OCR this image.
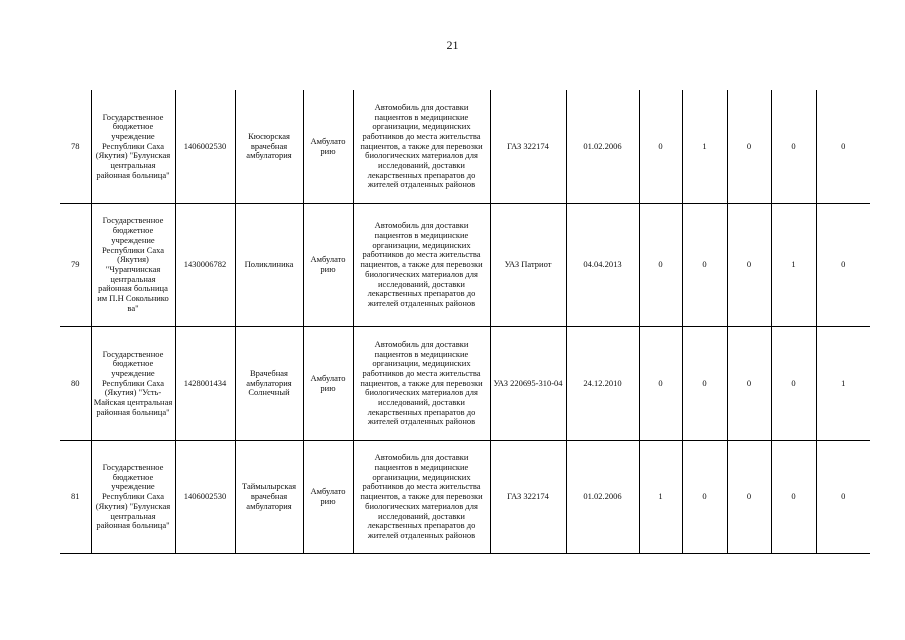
21
78	Государственное бюджетное учреждение Республики Саха (Якутия) "Булунская центральная районная больница"	1406002530	Кюсюрская врачебная амбулатория	Амбулато рию	Автомобиль для доставки пациентов в медицинские организации, медицинских работников до места жительства пациентов, а также для перевозки биологических материалов для исследований, доставки лекарственных препаратов до жителей отдаленных районов	ГАЗ 322174	01.02.2006	0	1	0	0	0
79	Государственное бюджетное учреждение Республики Саха (Якутия) "Чурапчинская центральная районная больница им П.Н Сокольнико ва"	1430006782	Поликлиника	Амбулато рию	Автомобиль для доставки пациентов в медицинские организации, медицинских работников до места жительства пациентов, а также для перевозки биологических материалов для исследований, доставки лекарственных препаратов до жителей отдаленных районов	УАЗ Патриот	04.04.2013	0	0	0	1	0
80	Государственное бюджетное учреждение Республики Саха (Якутия) "Усть-Майская центральная районная больница"	1428001434	Врачебная амбулатория Солнечный	Амбулато рию	Автомобиль для доставки пациентов в медицинские организации, медицинских работников до места жительства пациентов, а также для перевозки биологических материалов для исследований, доставки лекарственных препаратов до жителей отдаленных районов	УАЗ 220695-310-04	24.12.2010	0	0	0	0	1
81	Государственное бюджетное учреждение Республики Саха (Якутия) "Булунская центральная районная больница"	1406002530	Таймылырская врачебная амбулатория	Амбулато рию	Автомобиль для доставки пациентов в медицинские организации, медицинских работников до места жительства пациентов, а также для перевозки биологических материалов для исследований, доставки лекарственных препаратов до жителей отдаленных районов	ГАЗ 322174	01.02.2006	1	0	0	0	0
